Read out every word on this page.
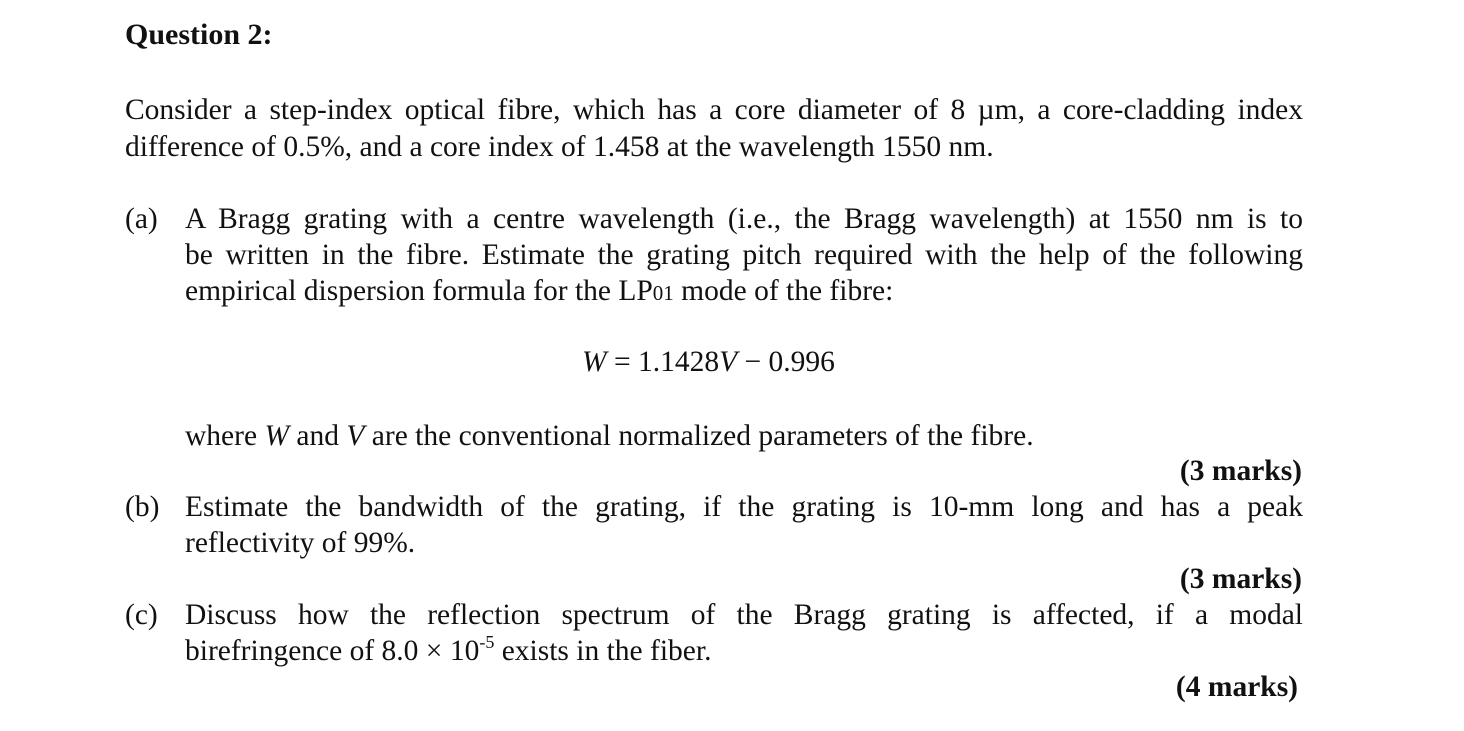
Question 2:
Consider a step-index optical fibre, which has a core diameter of 8 µm, a core-cladding index
difference of 0.5%, and a core index of 1.458 at the wavelength 1550 nm.
(a) A Bragg grating with a centre wavelength (i.e., the Bragg wavelength) at 1550 nm is to
be written in the fibre. Estimate the grating pitch required with the help of the following
empirical dispersion formula for the LP01 mode of the fibre:
W = 1.1428V − 0.996
where W and V are the conventional normalized parameters of the fibre.
(3 marks)
(b) Estimate the bandwidth of the grating, if the grating is 10-mm long and has a peak
reflectivity of 99%.
(3 marks)
(c) Discuss how the reflection spectrum of the Bragg grating is affected, if a modal
birefringence of $8.0 \times 10^{-5}$ exists in the fiber.
(4 marks)
